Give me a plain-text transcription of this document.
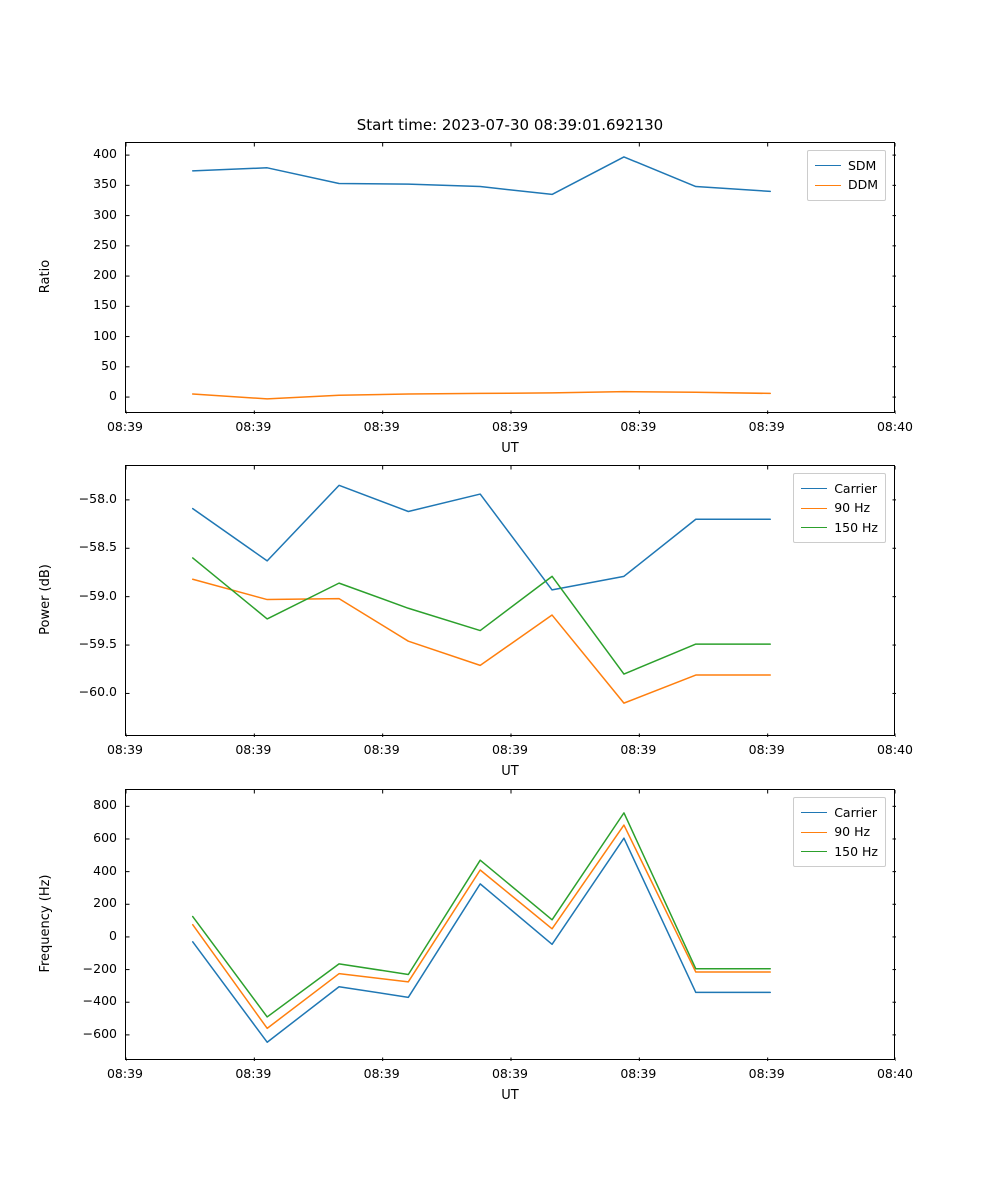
Start time: 2023-07-30 08:39:01.692130
08:39	08:39	08:39	08:39	08:39	08:39	08:40
0
50
100
150
200
250
300
350
400
UT
Ratio
SDM
DDM
08:39	08:39	08:39	08:39	08:39	08:39	08:40
−60.0
−59.5
−59.0
−58.5
−58.0
UT
Power (dB)
Carrier
90 Hz
150 Hz
08:39	08:39	08:39	08:39	08:39	08:39	08:40
−600
−400
−200
0
200
400
600
800
UT
Frequency (Hz)
Carrier
90 Hz
150 Hz
